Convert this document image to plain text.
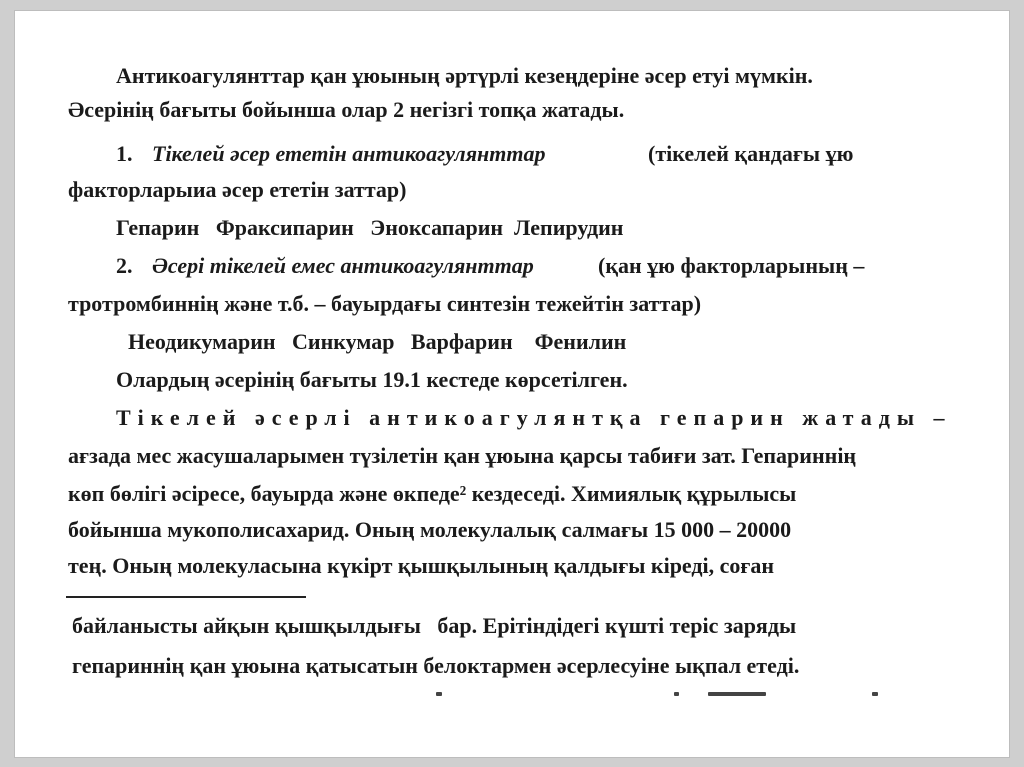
Антикоагулянттар қан ұюының әртүрлі кезеңдеріне әсер етуі мүмкін.
Әсерінің бағыты бойынша олар 2 негізгі топқа жатады.
1. Тікелей әсер ететін антикоагулянттар	(тікелей қандағы ұю
факторларыиа әсер ететін заттар)
Гепарин   Фраксипарин   Эноксапарин  Лепирудин
2. Әсері тікелей емес антикоагулянттар	(қан ұю факторларының –
тротромбиннің және т.б. – бауырдағы синтезін тежейтін заттар)
Неодикумарин   Синкумар   Варфарин    Фенилин
Олардың әсерінің бағыты 19.1 кестеде көрсетілген.
Тікелей әсерлі антикоагулянтқа гепарин жатады –
ағзада мес жасушаларымен түзілетін қан ұюына қарсы табиғи зат. Гепариннің
көп бөлігі әсіресе, бауырда және өкпеде² кездеседі. Химиялық құрылысы
бойынша мукополисахарид. Оның молекулалық салмағы 15 000 – 20000
тең. Оның молекуласына күкірт қышқылының қалдығы кіреді, соған
байланысты айқын қышқылдығы   бар. Ерітіндідегі күшті теріс заряды
гепариннің қан ұюына қатысатын белоктармен әсерлесуіне ықпал етеді.
